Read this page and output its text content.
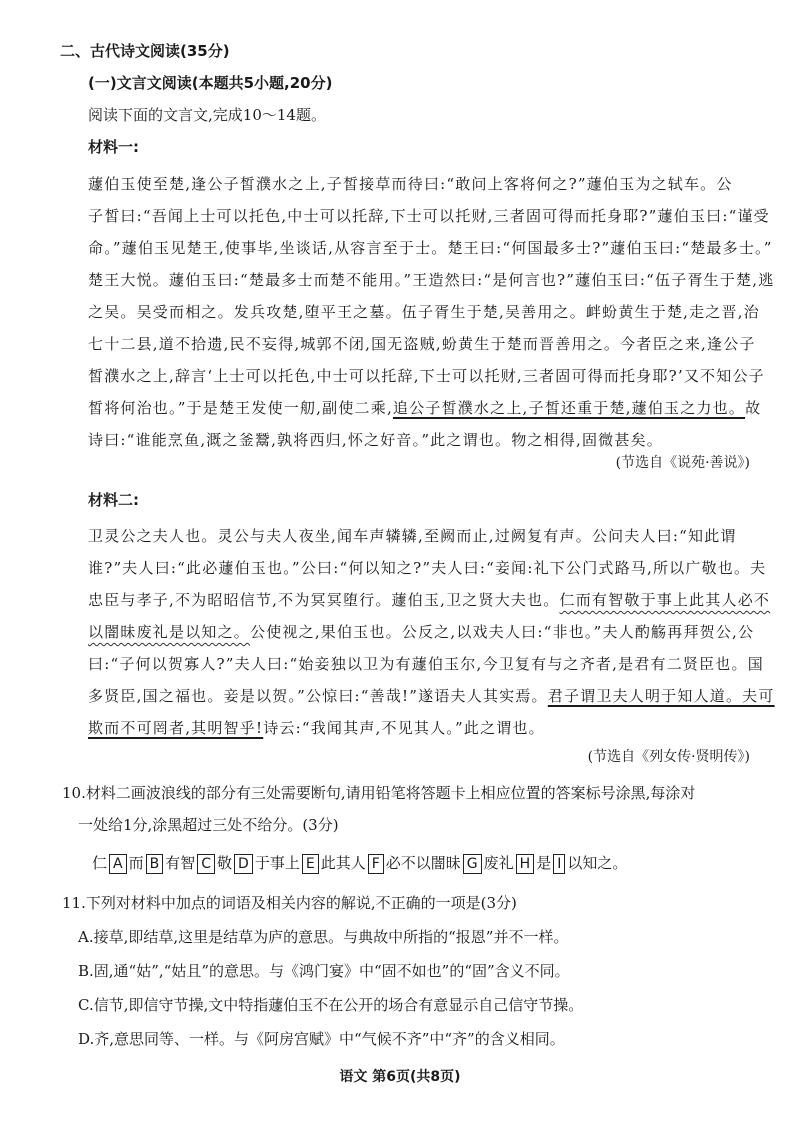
二、古代诗文阅读(35分)
(一)文言文阅读(本题共5小题,20分)
阅读下面的文言文,完成10～14题。
材料一:

蘧伯玉使至楚,逢公子皙濮水之上,子皙接草而待曰:“敢问上客将何之?”蘧伯玉为之轼车。公

子皙曰:“吾闻上士可以托色,中士可以托辞,下士可以托财,三者固可得而托身耶?”蘧伯玉曰:“谨受

命。”蘧伯玉见楚王,使事毕,坐谈话,从容言至于士。楚王曰:“何国最多士?”蘧伯玉曰:“楚最多士。”

楚王大悦。蘧伯玉曰:“楚最多士而楚不能用。”王造然曰:“是何言也?”蘧伯玉曰:“伍子胥生于楚,逃

之吴。吴受而相之。发兵攻楚,堕平王之墓。伍子胥生于楚,吴善用之。衅蚡黄生于楚,走之晋,治

七十二县,道不拾遗,民不妄得,城郭不闭,国无盗贼,蚡黄生于楚而晋善用之。今者臣之来,逢公子

皙濮水之上,辞言‘上士可以托色,中士可以托辞,下士可以托财,三者固可得而托身耶?’又不知公子

皙将何治也。”于是楚王发使一舠,副使二乘,追公子皙濮水之上,子皙还重于楚,蘧伯玉之力也。故

诗曰:“谁能烹鱼,溉之釜鬵,孰将西归,怀之好音。”此之谓也。物之相得,固微甚矣。

(节选自《说苑·善说》)
材料二:

卫灵公之夫人也。灵公与夫人夜坐,闻车声辚辚,至阙而止,过阙复有声。公问夫人曰:“知此谓

谁?”夫人曰:“此必蘧伯玉也。”公曰:“何以知之?”夫人曰:“妾闻:礼下公门式路马,所以广敬也。夫

忠臣与孝子,不为昭昭信节,不为冥冥堕行。蘧伯玉,卫之贤大夫也。仁而有智敬于事上此其人必不

以闇昧废礼是以知之。公使视之,果伯玉也。公反之,以戏夫人曰:“非也。”夫人酌觞再拜贺公,公

曰:“子何以贺寡人?”夫人曰:“始妾独以卫为有蘧伯玉尔,今卫复有与之齐者,是君有二贤臣也。国

多贤臣,国之福也。妾是以贺。”公惊曰:“善哉!”遂语夫人其实焉。君子谓卫夫人明于知人道。夫可

欺而不可罔者,其明智乎!诗云:“我闻其声,不见其人。”此之谓也。

(节选自《列女传·贤明传》)
10.材料二画波浪线的部分有三处需要断句,请用铅笔将答题卡上相应位置的答案标号涂黑,每涂对
一处给1分,涂黑超过三处不给分。(3分)
仁 A 而 B 有智 C 敬 D 于事上 E 此其人 F 必不以闇昧 G 废礼 H 是 I 以知之。
11.下列对材料中加点的词语及相关内容的解说,不正确的一项是(3分)
A.接草,即结草,这里是结草为庐的意思。与典故中所指的“报恩”并不一样。
B.固,通“姑”,“姑且”的意思。与《鸿门宴》中“固不如也”的“固”含义不同。
C.信节,即信守节操,文中特指蘧伯玉不在公开的场合有意显示自己信守节操。
D.齐,意思同等、一样。与《阿房宫赋》中“气候不齐”中“齐”的含义相同。
语文 第6页(共8页)
